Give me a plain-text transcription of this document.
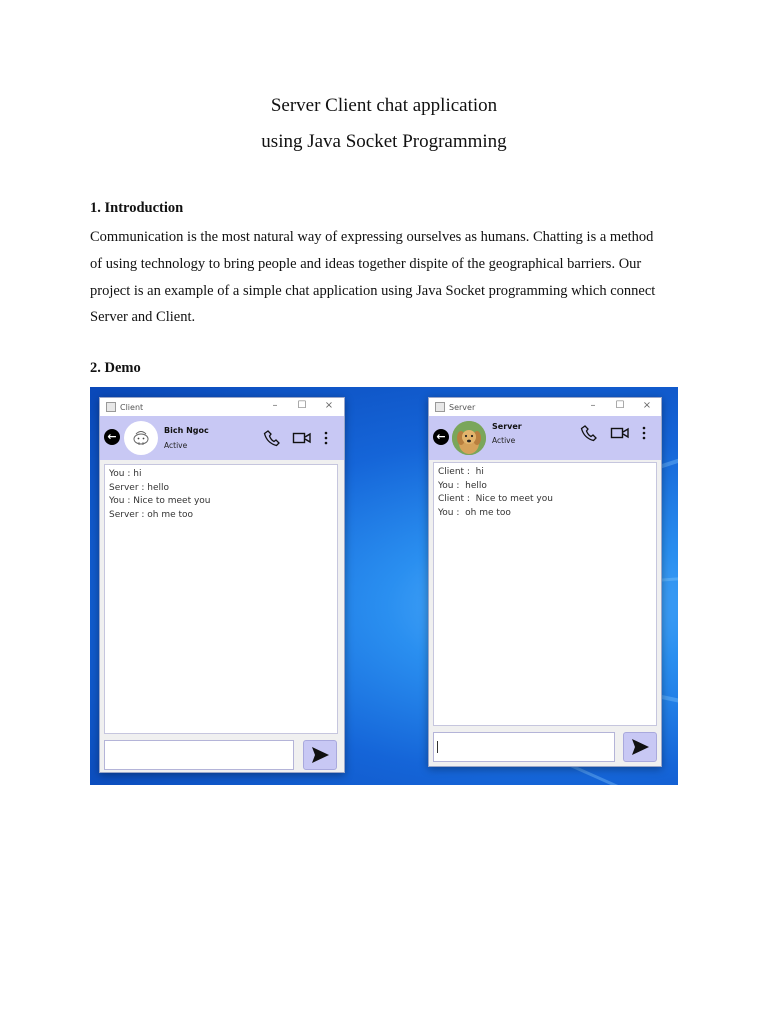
Server Client chat application
using Java Socket Programming
1. Introduction
Communication is the most natural way of expressing ourselves as humans. Chatting is a method
of using technology to bring people and ideas together dispite of the geographical barriers. Our
project is an example of a simple chat application using Java Socket programming which connect
Server and Client.
2. Demo
Client	–	☐ ×
←	Bich Ngoc
Active
You : hi
Server : hello
You : Nice to meet you
Server : oh me too
Server	–	☐ ×
←
Server
Active
Client :  hi
You :  hello
Client :  Nice to meet you
You :  oh me too
